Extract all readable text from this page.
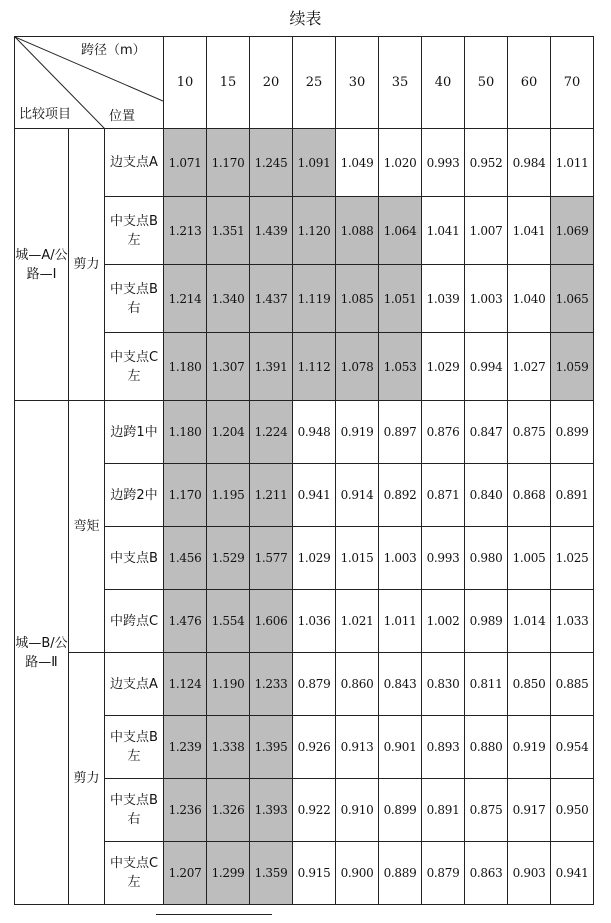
续表
跨径（m）
比较项目 位置			10	15	20	25	30	35	40	50	60	70
城—A/公路—Ⅰ	剪力	边支点A	1.071	1.170	1.245	1.091	1.049	1.020	0.993	0.952	0.984	1.011
		中支点B左	1.213	1.351	1.439	1.120	1.088	1.064	1.041	1.007	1.041	1.069
		中支点B右	1.214	1.340	1.437	1.119	1.085	1.051	1.039	1.003	1.040	1.065
		中支点C左	1.180	1.307	1.391	1.112	1.078	1.053	1.029	0.994	1.027	1.059
城—B/公路—Ⅱ	弯矩	边跨1中	1.180	1.204	1.224	0.948	0.919	0.897	0.876	0.847	0.875	0.899
		边跨2中	1.170	1.195	1.211	0.941	0.914	0.892	0.871	0.840	0.868	0.891
		中支点B	1.456	1.529	1.577	1.029	1.015	1.003	0.993	0.980	1.005	1.025
		中跨点C	1.476	1.554	1.606	1.036	1.021	1.011	1.002	0.989	1.014	1.033
	剪力	边支点A	1.124	1.190	1.233	0.879	0.860	0.843	0.830	0.811	0.850	0.885
		中支点B左	1.239	1.338	1.395	0.926	0.913	0.901	0.893	0.880	0.919	0.954
		中支点B右	1.236	1.326	1.393	0.922	0.910	0.899	0.891	0.875	0.917	0.950
		中支点C左	1.207	1.299	1.359	0.915	0.900	0.889	0.879	0.863	0.903	0.941
